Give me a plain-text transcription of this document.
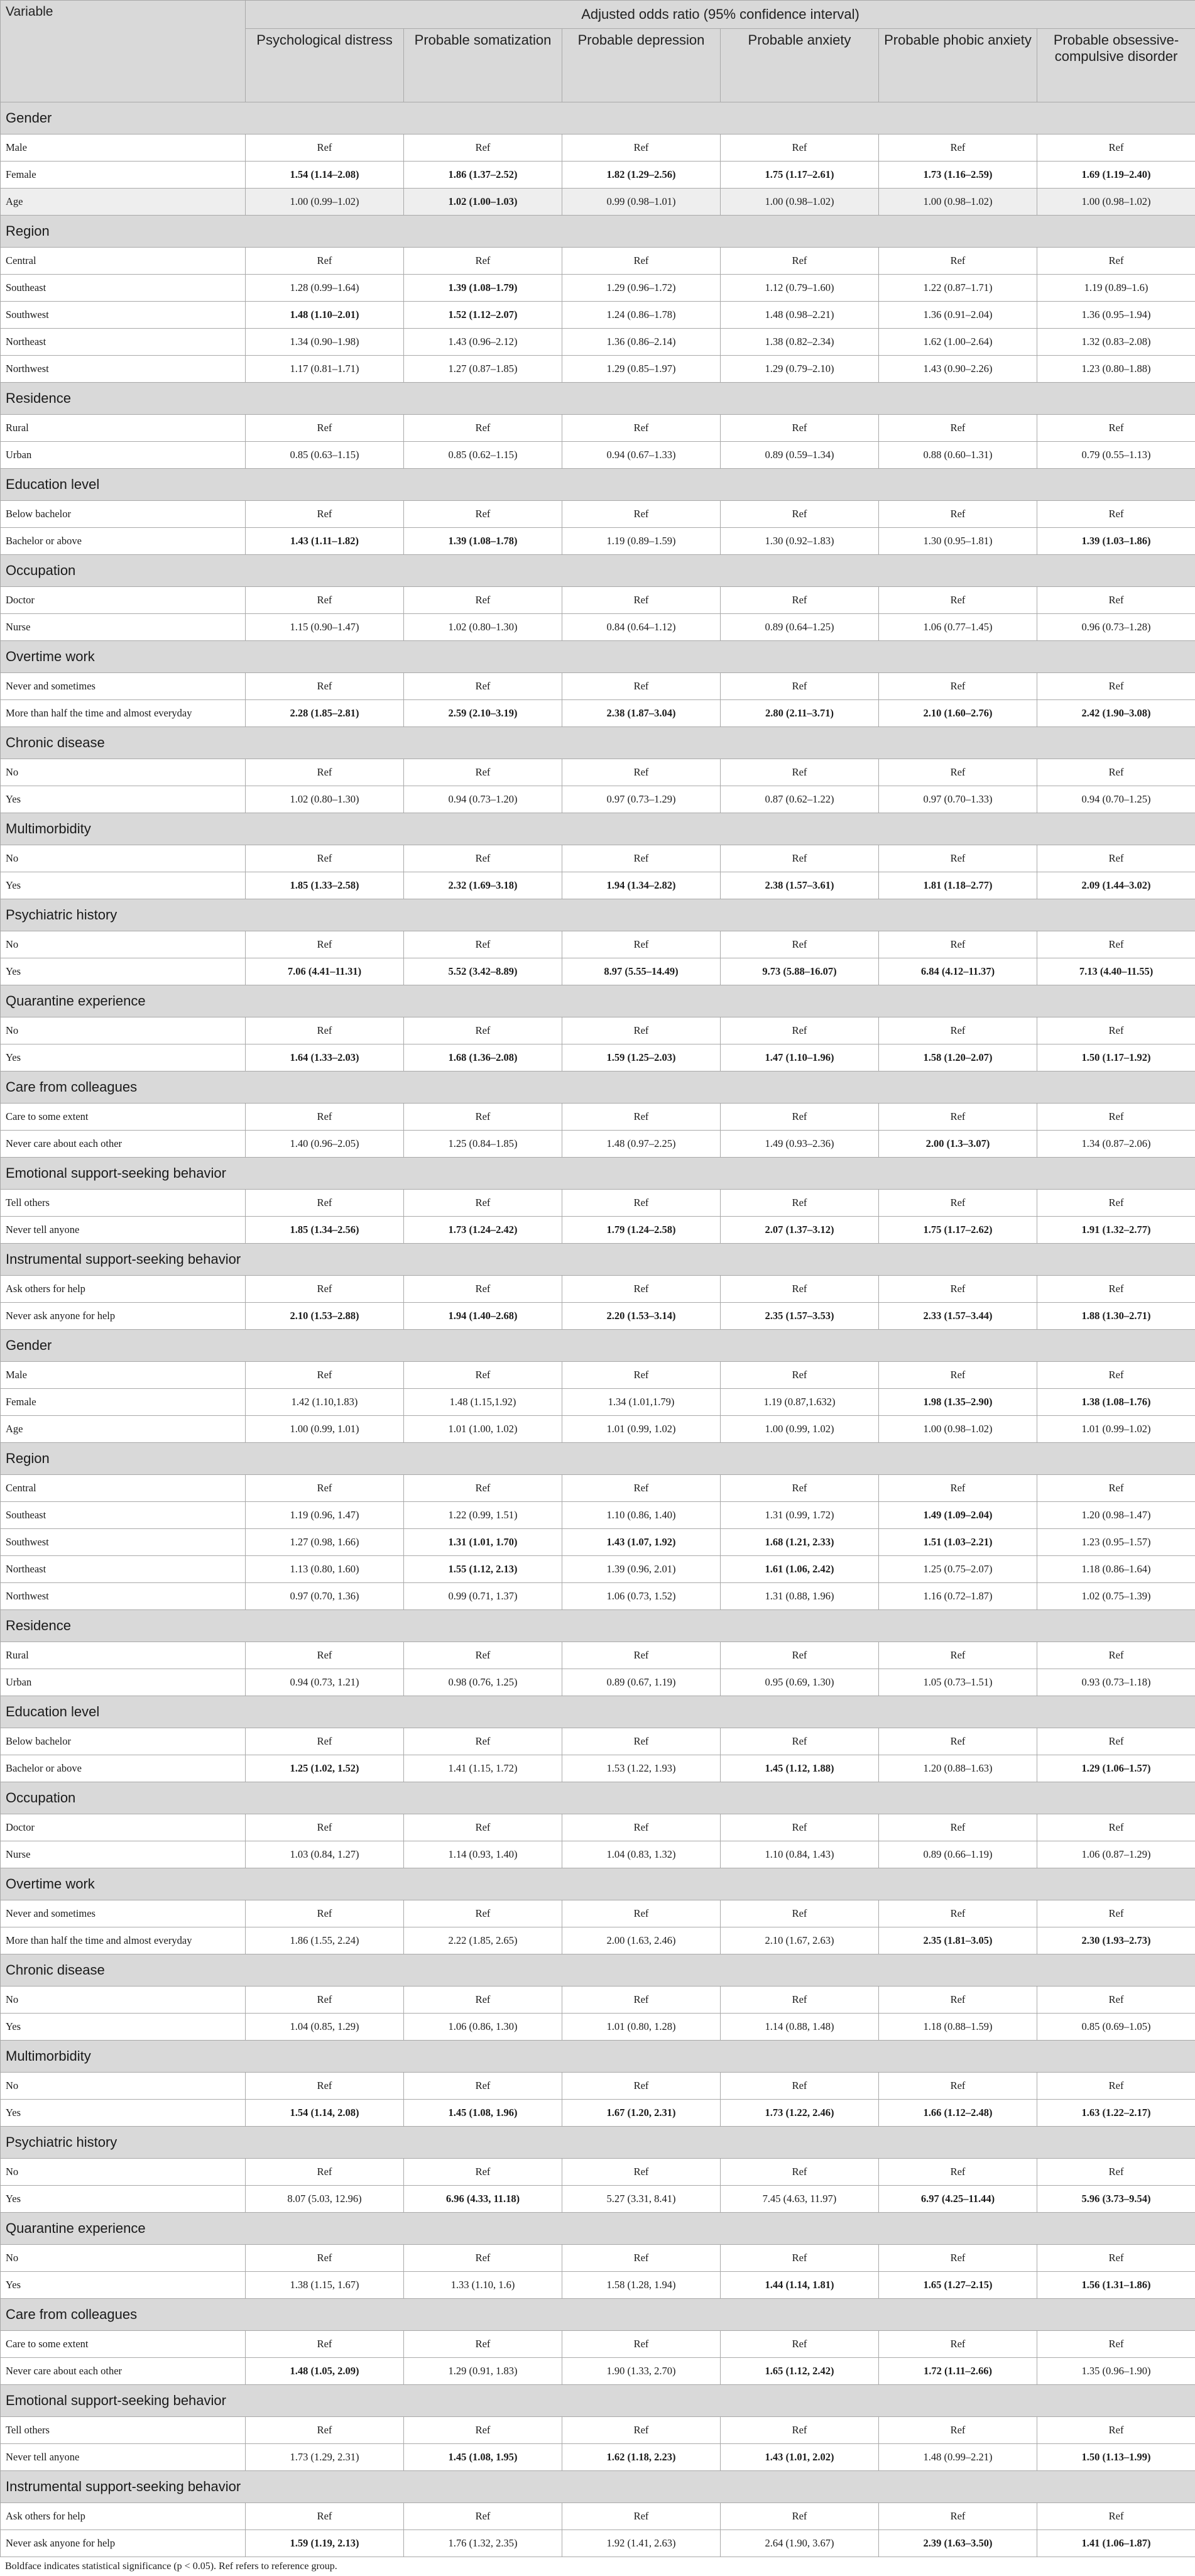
Variable	Adjusted odds ratio (95% confidence interval)					
	Psychological distress	Probable somatization	Probable depression	Probable anxiety	Probable phobic anxiety	Probable obsessive-compulsive disorder
Gender						
Male	Ref	Ref	Ref	Ref	Ref	Ref
Female	1.54 (1.14–2.08)	1.86 (1.37–2.52)	1.82 (1.29–2.56)	1.75 (1.17–2.61)	1.73 (1.16–2.59)	1.69 (1.19–2.40)
Age	1.00 (0.99–1.02)	1.02 (1.00–1.03)	0.99 (0.98–1.01)	1.00 (0.98–1.02)	1.00 (0.98–1.02)	1.00 (0.98–1.02)
Region						
Central	Ref	Ref	Ref	Ref	Ref	Ref
Southeast	1.28 (0.99–1.64)	1.39 (1.08–1.79)	1.29 (0.96–1.72)	1.12 (0.79–1.60)	1.22 (0.87–1.71)	1.19 (0.89–1.6)
Southwest	1.48 (1.10–2.01)	1.52 (1.12–2.07)	1.24 (0.86–1.78)	1.48 (0.98–2.21)	1.36 (0.91–2.04)	1.36 (0.95–1.94)
Northeast	1.34 (0.90–1.98)	1.43 (0.96–2.12)	1.36 (0.86–2.14)	1.38 (0.82–2.34)	1.62 (1.00–2.64)	1.32 (0.83–2.08)
Northwest	1.17 (0.81–1.71)	1.27 (0.87–1.85)	1.29 (0.85–1.97)	1.29 (0.79–2.10)	1.43 (0.90–2.26)	1.23 (0.80–1.88)
Residence						
Rural	Ref	Ref	Ref	Ref	Ref	Ref
Urban	0.85 (0.63–1.15)	0.85 (0.62–1.15)	0.94 (0.67–1.33)	0.89 (0.59–1.34)	0.88 (0.60–1.31)	0.79 (0.55–1.13)
Education level						
Below bachelor	Ref	Ref	Ref	Ref	Ref	Ref
Bachelor or above	1.43 (1.11–1.82)	1.39 (1.08–1.78)	1.19 (0.89–1.59)	1.30 (0.92–1.83)	1.30 (0.95–1.81)	1.39 (1.03–1.86)
Occupation						
Doctor	Ref	Ref	Ref	Ref	Ref	Ref
Nurse	1.15 (0.90–1.47)	1.02 (0.80–1.30)	0.84 (0.64–1.12)	0.89 (0.64–1.25)	1.06 (0.77–1.45)	0.96 (0.73–1.28)
Overtime work						
Never and sometimes	Ref	Ref	Ref	Ref	Ref	Ref
More than half the time and almost everyday	2.28 (1.85–2.81)	2.59 (2.10–3.19)	2.38 (1.87–3.04)	2.80 (2.11–3.71)	2.10 (1.60–2.76)	2.42 (1.90–3.08)
Chronic disease						
No	Ref	Ref	Ref	Ref	Ref	Ref
Yes	1.02 (0.80–1.30)	0.94 (0.73–1.20)	0.97 (0.73–1.29)	0.87 (0.62–1.22)	0.97 (0.70–1.33)	0.94 (0.70–1.25)
Multimorbidity						
No	Ref	Ref	Ref	Ref	Ref	Ref
Yes	1.85 (1.33–2.58)	2.32 (1.69–3.18)	1.94 (1.34–2.82)	2.38 (1.57–3.61)	1.81 (1.18–2.77)	2.09 (1.44–3.02)
Psychiatric history						
No	Ref	Ref	Ref	Ref	Ref	Ref
Yes	7.06 (4.41–11.31)	5.52 (3.42–8.89)	8.97 (5.55–14.49)	9.73 (5.88–16.07)	6.84 (4.12–11.37)	7.13 (4.40–11.55)
Quarantine experience						
No	Ref	Ref	Ref	Ref	Ref	Ref
Yes	1.64 (1.33–2.03)	1.68 (1.36–2.08)	1.59 (1.25–2.03)	1.47 (1.10–1.96)	1.58 (1.20–2.07)	1.50 (1.17–1.92)
Care from colleagues						
Care to some extent	Ref	Ref	Ref	Ref	Ref	Ref
Never care about each other	1.40 (0.96–2.05)	1.25 (0.84–1.85)	1.48 (0.97–2.25)	1.49 (0.93–2.36)	2.00 (1.3–3.07)	1.34 (0.87–2.06)
Emotional support-seeking behavior						
Tell others	Ref	Ref	Ref	Ref	Ref	Ref
Never tell anyone	1.85 (1.34–2.56)	1.73 (1.24–2.42)	1.79 (1.24–2.58)	2.07 (1.37–3.12)	1.75 (1.17–2.62)	1.91 (1.32–2.77)
Instrumental support-seeking behavior						
Ask others for help	Ref	Ref	Ref	Ref	Ref	Ref
Never ask anyone for help	2.10 (1.53–2.88)	1.94 (1.40–2.68)	2.20 (1.53–3.14)	2.35 (1.57–3.53)	2.33 (1.57–3.44)	1.88 (1.30–2.71)
Gender						
Male	Ref	Ref	Ref	Ref	Ref	Ref
Female	1.42 (1.10,1.83)	1.48 (1.15,1.92)	1.34 (1.01,1.79)	1.19 (0.87,1.632)	1.98 (1.35–2.90)	1.38 (1.08–1.76)
Age	1.00 (0.99, 1.01)	1.01 (1.00, 1.02)	1.01 (0.99, 1.02)	1.00 (0.99, 1.02)	1.00 (0.98–1.02)	1.01 (0.99–1.02)
Region						
Central	Ref	Ref	Ref	Ref	Ref	Ref
Southeast	1.19 (0.96, 1.47)	1.22 (0.99, 1.51)	1.10 (0.86, 1.40)	1.31 (0.99, 1.72)	1.49 (1.09–2.04)	1.20 (0.98–1.47)
Southwest	1.27 (0.98, 1.66)	1.31 (1.01, 1.70)	1.43 (1.07, 1.92)	1.68 (1.21, 2.33)	1.51 (1.03–2.21)	1.23 (0.95–1.57)
Northeast	1.13 (0.80, 1.60)	1.55 (1.12, 2.13)	1.39 (0.96, 2.01)	1.61 (1.06, 2.42)	1.25 (0.75–2.07)	1.18 (0.86–1.64)
Northwest	0.97 (0.70, 1.36)	0.99 (0.71, 1.37)	1.06 (0.73, 1.52)	1.31 (0.88, 1.96)	1.16 (0.72–1.87)	1.02 (0.75–1.39)
Residence						
Rural	Ref	Ref	Ref	Ref	Ref	Ref
Urban	0.94 (0.73, 1.21)	0.98 (0.76, 1.25)	0.89 (0.67, 1.19)	0.95 (0.69, 1.30)	1.05 (0.73–1.51)	0.93 (0.73–1.18)
Education level						
Below bachelor	Ref	Ref	Ref	Ref	Ref	Ref
Bachelor or above	1.25 (1.02, 1.52)	1.41 (1.15, 1.72)	1.53 (1.22, 1.93)	1.45 (1.12, 1.88)	1.20 (0.88–1.63)	1.29 (1.06–1.57)
Occupation						
Doctor	Ref	Ref	Ref	Ref	Ref	Ref
Nurse	1.03 (0.84, 1.27)	1.14 (0.93, 1.40)	1.04 (0.83, 1.32)	1.10 (0.84, 1.43)	0.89 (0.66–1.19)	1.06 (0.87–1.29)
Overtime work						
Never and sometimes	Ref	Ref	Ref	Ref	Ref	Ref
More than half the time and almost everyday	1.86 (1.55, 2.24)	2.22 (1.85, 2.65)	2.00 (1.63, 2.46)	2.10 (1.67, 2.63)	2.35 (1.81–3.05)	2.30 (1.93–2.73)
Chronic disease						
No	Ref	Ref	Ref	Ref	Ref	Ref
Yes	1.04 (0.85, 1.29)	1.06 (0.86, 1.30)	1.01 (0.80, 1.28)	1.14 (0.88, 1.48)	1.18 (0.88–1.59)	0.85 (0.69–1.05)
Multimorbidity						
No	Ref	Ref	Ref	Ref	Ref	Ref
Yes	1.54 (1.14, 2.08)	1.45 (1.08, 1.96)	1.67 (1.20, 2.31)	1.73 (1.22, 2.46)	1.66 (1.12–2.48)	1.63 (1.22–2.17)
Psychiatric history						
No	Ref	Ref	Ref	Ref	Ref	Ref
Yes	8.07 (5.03, 12.96)	6.96 (4.33, 11.18)	5.27 (3.31, 8.41)	7.45 (4.63, 11.97)	6.97 (4.25–11.44)	5.96 (3.73–9.54)
Quarantine experience						
No	Ref	Ref	Ref	Ref	Ref	Ref
Yes	1.38 (1.15, 1.67)	1.33 (1.10, 1.6)	1.58 (1.28, 1.94)	1.44 (1.14, 1.81)	1.65 (1.27–2.15)	1.56 (1.31–1.86)
Care from colleagues						
Care to some extent	Ref	Ref	Ref	Ref	Ref	Ref
Never care about each other	1.48 (1.05, 2.09)	1.29 (0.91, 1.83)	1.90 (1.33, 2.70)	1.65 (1.12, 2.42)	1.72 (1.11–2.66)	1.35 (0.96–1.90)
Emotional support-seeking behavior						
Tell others	Ref	Ref	Ref	Ref	Ref	Ref
Never tell anyone	1.73 (1.29, 2.31)	1.45 (1.08, 1.95)	1.62 (1.18, 2.23)	1.43 (1.01, 2.02)	1.48 (0.99–2.21)	1.50 (1.13–1.99)
Instrumental support-seeking behavior						
Ask others for help	Ref	Ref	Ref	Ref	Ref	Ref
Never ask anyone for help	1.59 (1.19, 2.13)	1.76 (1.32, 2.35)	1.92 (1.41, 2.63)	2.64 (1.90, 3.67)	2.39 (1.63–3.50)	1.41 (1.06–1.87)
Boldface indicates statistical significance (p < 0.05). Ref refers to reference group.
